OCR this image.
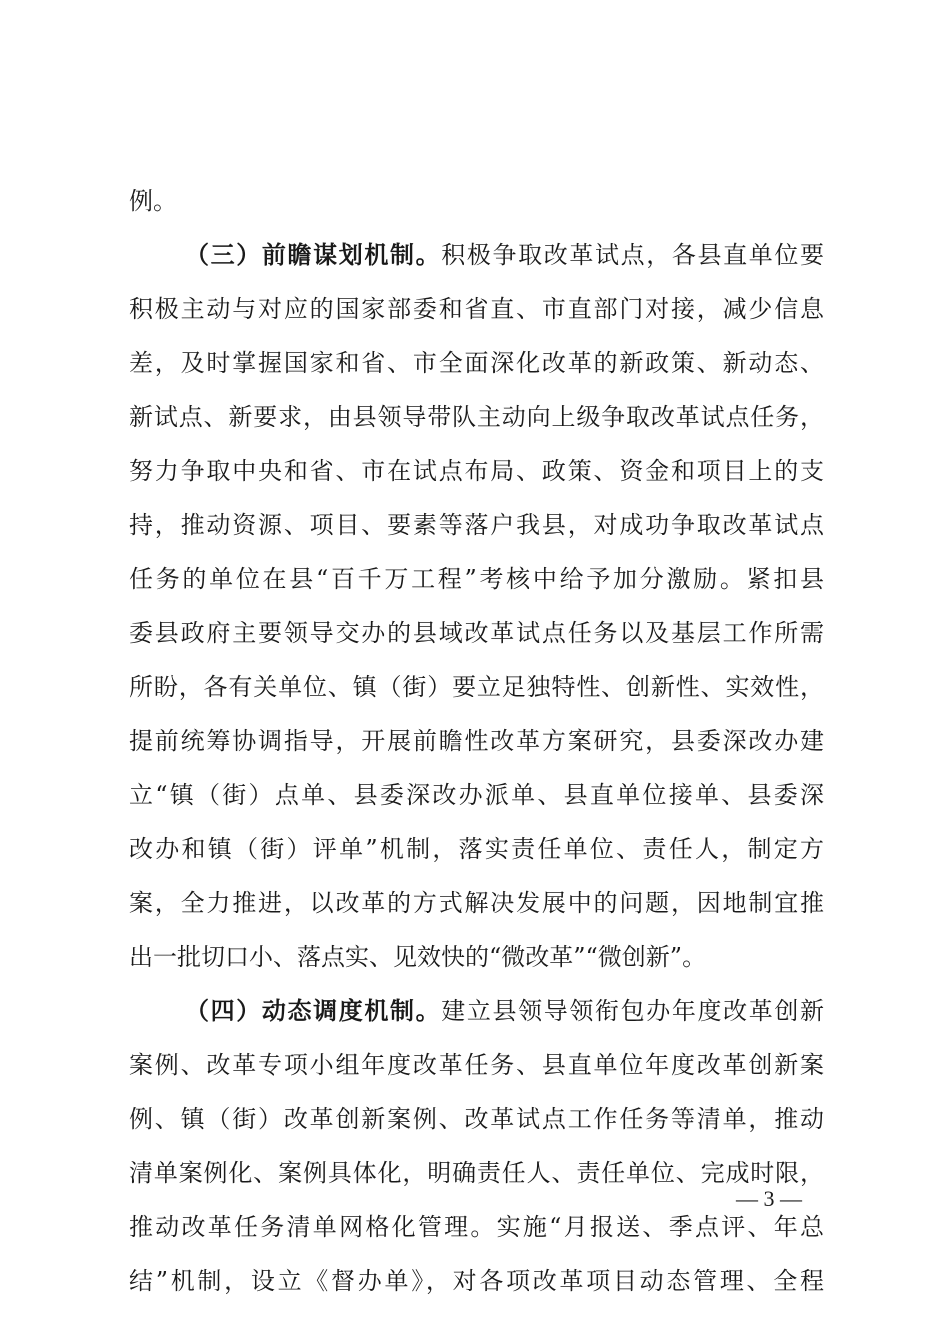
例。
（三）前瞻谋划机制。积极争取改革试点，各县直单位要
积极主动与对应的国家部委和省直、市直部门对接，减少信息
差，及时掌握国家和省、市全面深化改革的新政策、新动态、
新试点、新要求，由县领导带队主动向上级争取改革试点任务，
努力争取中央和省、市在试点布局、政策、资金和项目上的支
持，推动资源、项目、要素等落户我县，对成功争取改革试点
任务的单位在县“百千万工程”考核中给予加分激励。紧扣县
委县政府主要领导交办的县域改革试点任务以及基层工作所需
所盼，各有关单位、镇（街）要立足独特性、创新性、实效性，
提前统筹协调指导，开展前瞻性改革方案研究，县委深改办建
立“镇（街）点单、县委深改办派单、县直单位接单、县委深
改办和镇（街）评单”机制，落实责任单位、责任人，制定方
案，全力推进，以改革的方式解决发展中的问题，因地制宜推
出一批切口小、落点实、见效快的“微改革”“微创新”。
（四）动态调度机制。建立县领导领衔包办年度改革创新
案例、改革专项小组年度改革任务、县直单位年度改革创新案
例、镇（街）改革创新案例、改革试点工作任务等清单，推动
清单案例化、案例具体化，明确责任人、责任单位、完成时限，
推动改革任务清单网格化管理。实施“月报送、季点评、年总
结”机制，设立《督办单》，对各项改革项目动态管理、全程
— 3 —
